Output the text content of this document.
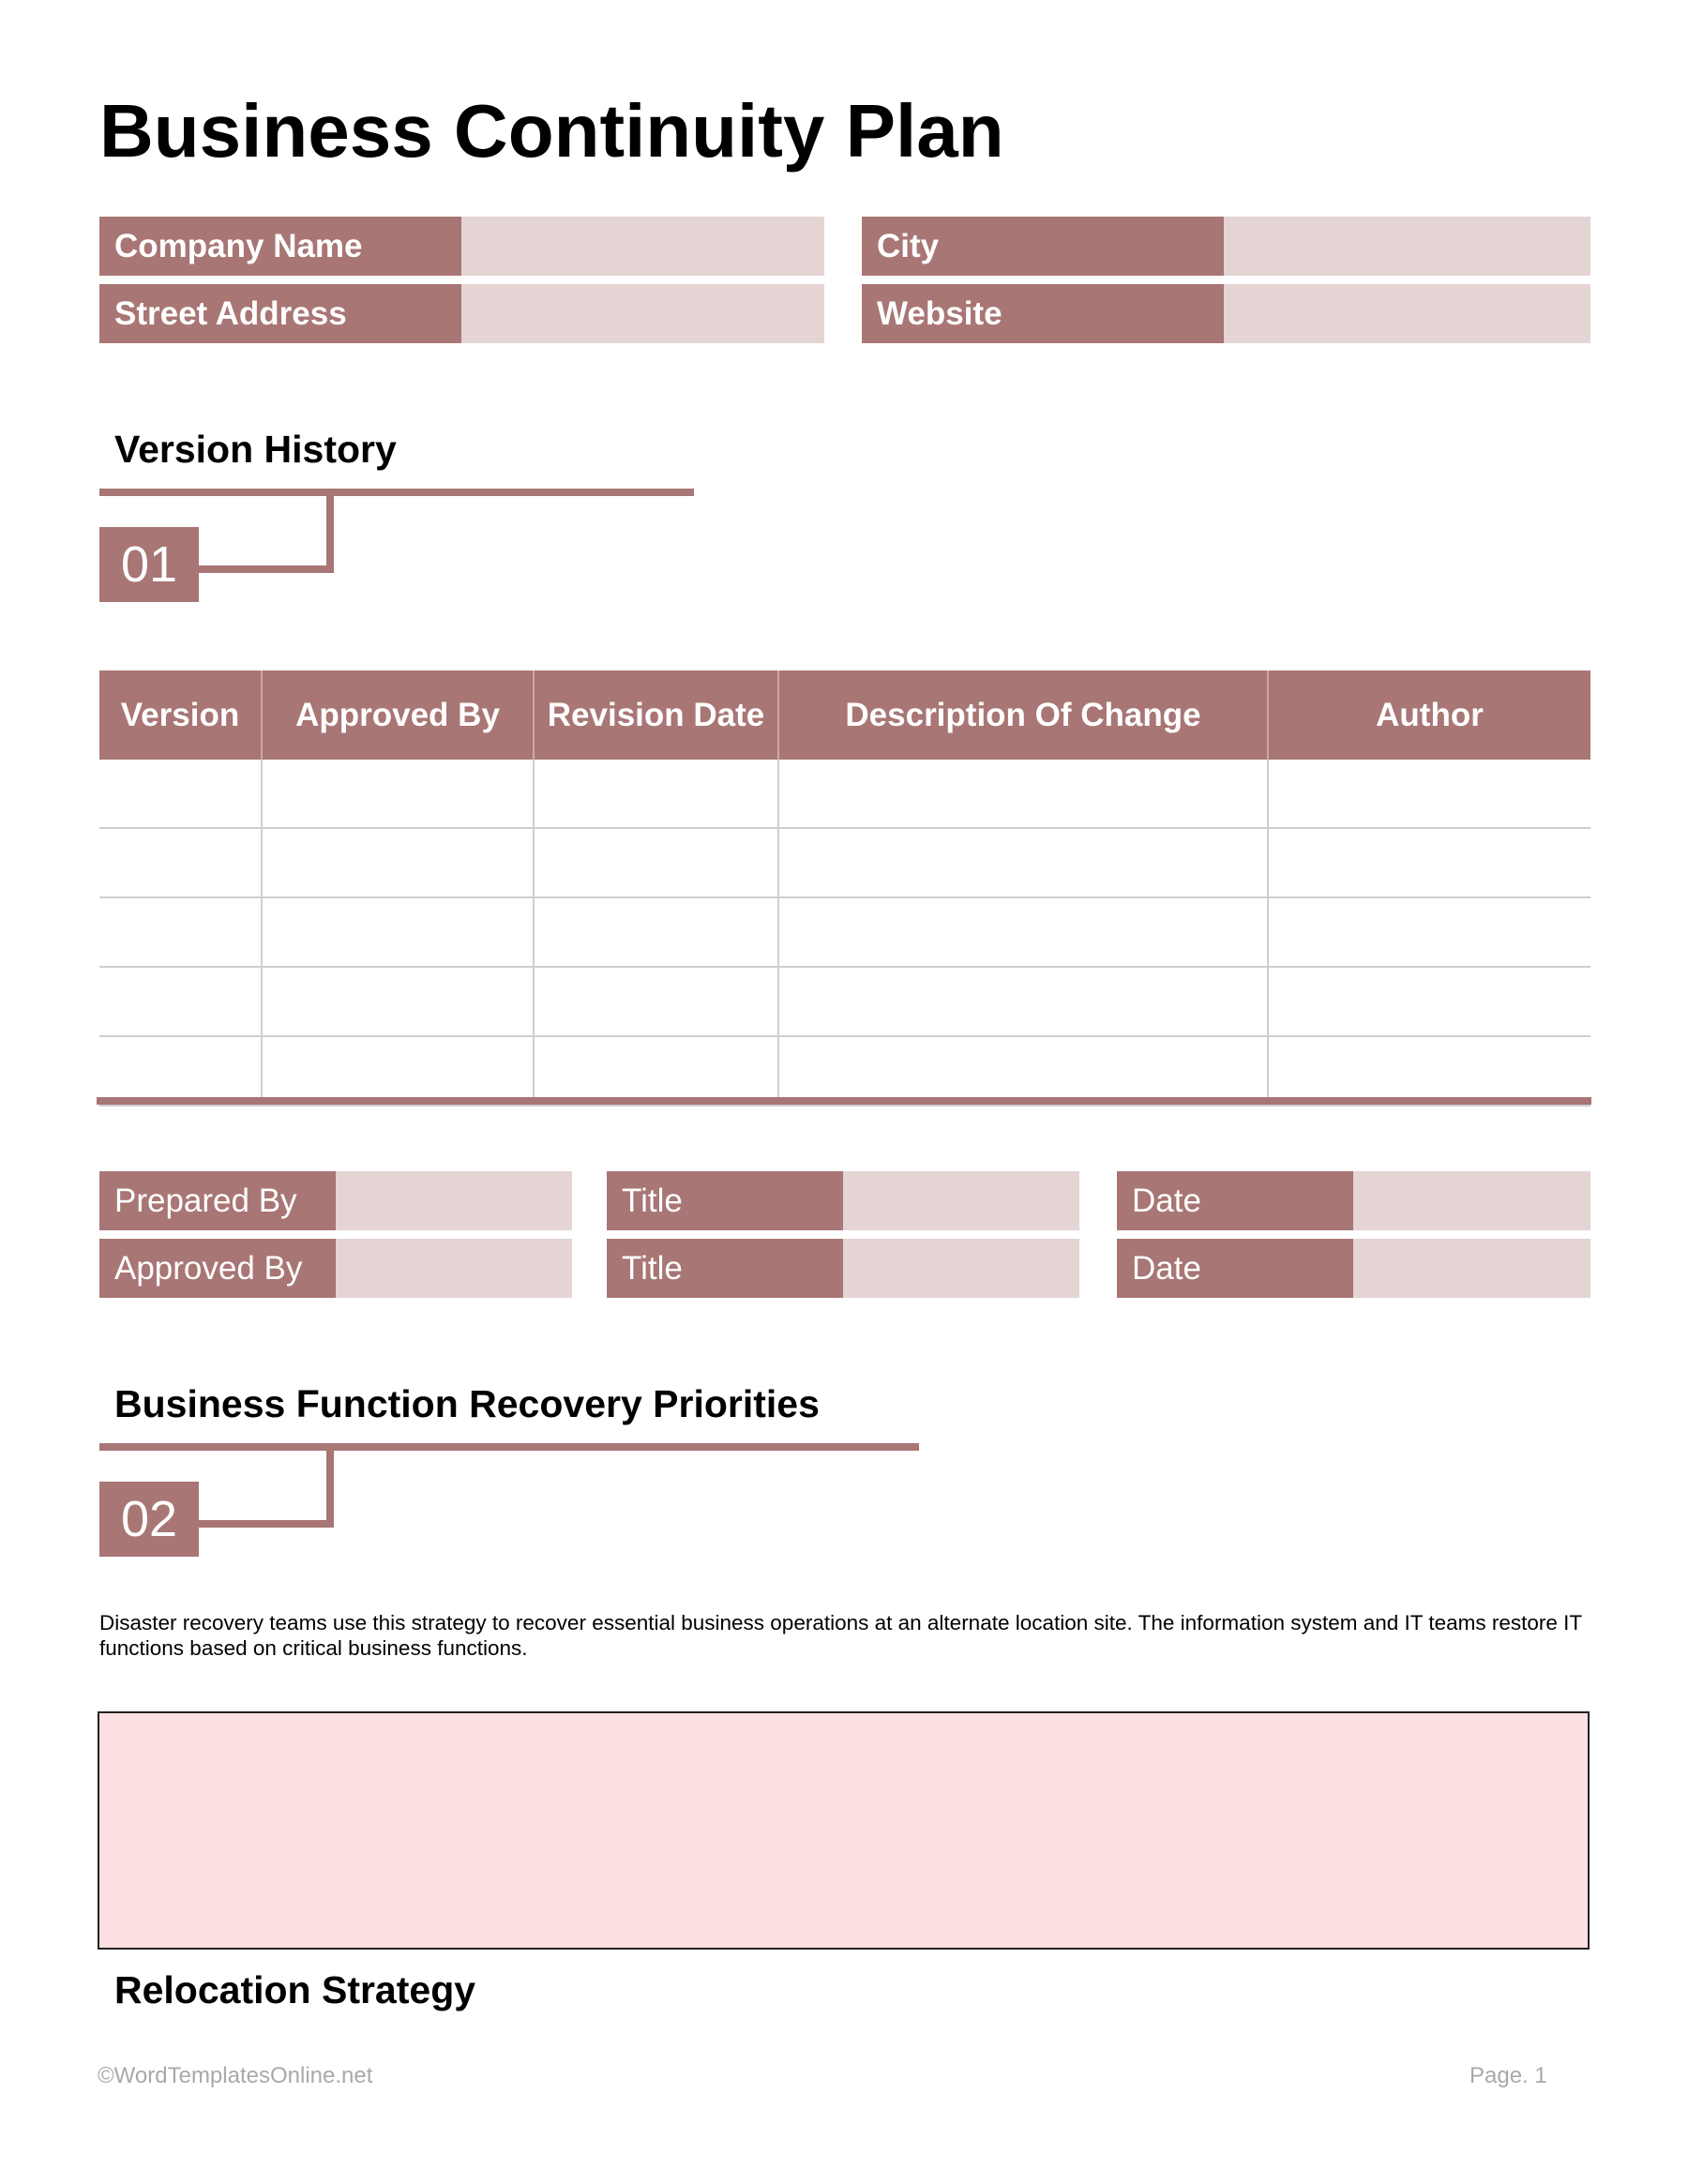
Business Continuity Plan
Company Name	City
Street Address	Website
Version History
01
Version	Approved By	Revision Date	Description Of Change	Author

Prepared By	Title	Date
Approved By	Title	Date
Business Function Recovery Priorities
02
Disaster recovery teams use this strategy to recover essential business operations at an alternate location site. The information system and IT teams restore IT functions based on critical business functions.
Relocation Strategy
©WordTemplatesOnline.net	Page. 1
